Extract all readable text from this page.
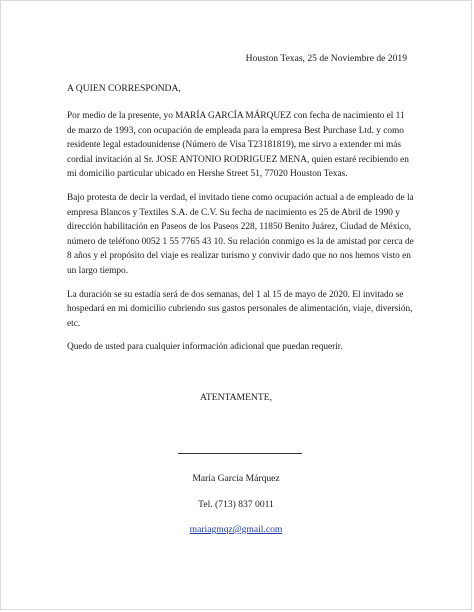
Houston Texas, 25 de Noviembre de 2019
A QUIEN CORRESPONDA,

Por medio de la presente, yo MARÍA GARCÍA MÁRQUEZ con fecha de nacimiento el 11 de marzo de 1993, con ocupación de empleada para la empresa Best Purchase Ltd. y como residente legal estadounidense (Número de Visa T23181819), me sirvo a extender mi más cordial invitación al Sr. JOSE ANTONIO RODRIGUEZ MENA, quien estaré recibiendo en mi domicilio particular ubicado en Hershe Street 51, 77020 Houston Texas.

Bajo protesta de decir la verdad, el invitado tiene como ocupación actual a de empleado de la empresa Blancos y Textiles S.A. de C.V. Su fecha de nacimiento es 25 de Abril de 1990 y dirección habilitación en Paseos de los Paseos 228, 11850 Benito Juárez, Ciudad de México, número de teléfono 0052 1 55 7765 43 10. Su relación conmigo es la de amistad por cerca de 8 años y el propósito del viaje es realizar turismo y convivir dado que no nos hemos visto en un largo tiempo.

La duración se su estadía será de dos semanas, del 1 al 15 de mayo de 2020. El invitado se hospedará en mi domicilio cubriendo sus gastos personales de alimentación, viaje, diversión, etc.

Quedo de usted para cualquier información adicional que puedan requerir.

ATENTAMENTE,
María García Márquez
Tel. (713) 837 0011
mariagmqz@gmail.com
